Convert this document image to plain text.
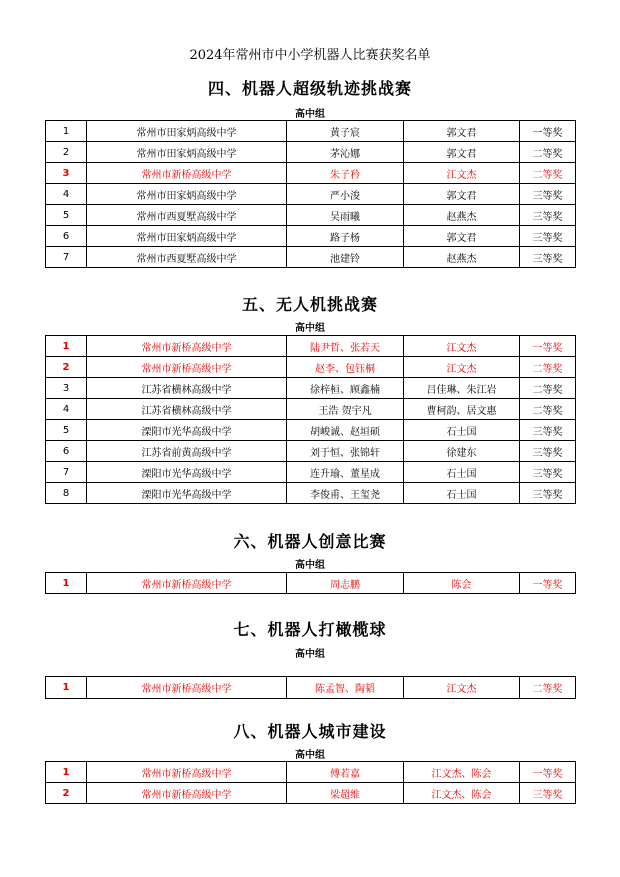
2024年常州市中小学机器人比赛获奖名单
四、机器人超级轨迹挑战赛
高中组
1	常州市田家炳高级中学	黄子宸	郭文君	一等奖
2	常州市田家炳高级中学	茅沁娜	郭文君	二等奖
3	常州市新桥高级中学	朱子矜	江文杰	二等奖
4	常州市田家炳高级中学	严小浚	郭文君	三等奖
5	常州市西夏墅高级中学	吴雨曦	赵燕杰	三等奖
6	常州市田家炳高级中学	路子杨	郭文君	三等奖
7	常州市西夏墅高级中学	池建铃	赵燕杰	三等奖
五、无人机挑战赛
高中组
1	常州市新桥高级中学	陆尹哲、张若天	江文杰	一等奖
2	常州市新桥高级中学	赵李、包钰桐	江文杰	二等奖
3	江苏省横林高级中学	徐梓桓、顾鑫楠	吕佳琳、朱江岩	二等奖
4	江苏省横林高级中学	王浩 贺宇凡	曹柯韵、居文惠	二等奖
5	溧阳市光华高级中学	胡峻诚、赵垣硕	石士国	三等奖
6	江苏省前黄高级中学	刘于恒、张锦轩	徐建东	三等奖
7	溧阳市光华高级中学	连升瑜、董星成	石士国	三等奖
8	溧阳市光华高级中学	李俊甫、王玺尧	石士国	三等奖
六、机器人创意比赛
高中组
1	常州市新桥高级中学	周志鹏	陈会	一等奖
七、机器人打橄榄球
高中组
1	常州市新桥高级中学	陈孟智、陶韬	江文杰	二等奖
八、机器人城市建设
高中组
1	常州市新桥高级中学	傅若嘉	江文杰、陈会	一等奖
2	常州市新桥高级中学	梁超维	江文杰、陈会	三等奖
